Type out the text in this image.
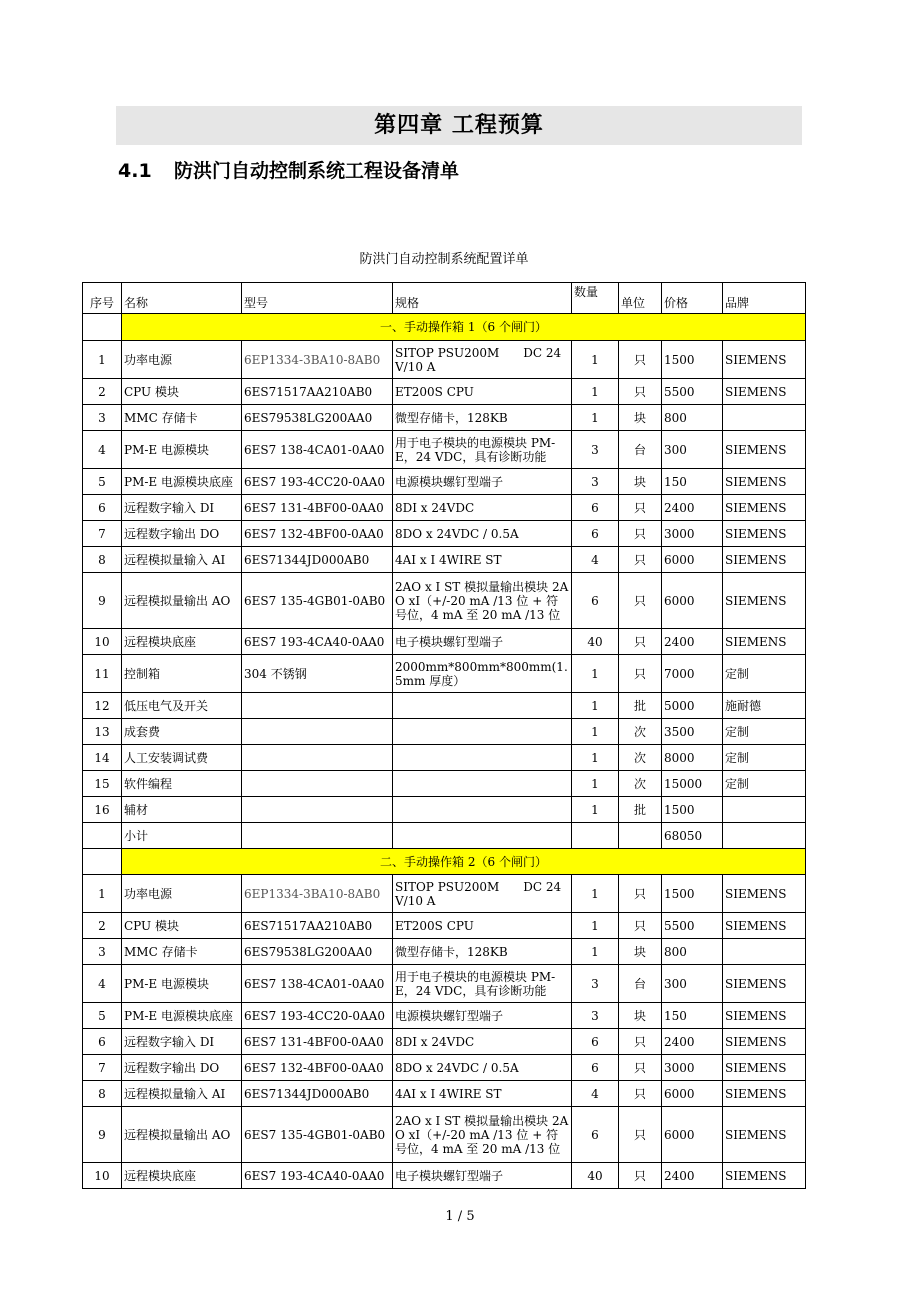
第四章 工程预算
4.1 防洪门自动控制系统工程设备清单
防洪门自动控制系统配置详单
序号	名称	型号	规格	数量	单位	价格	品牌
	一、手动操作箱 1（6 个闸门）						
1	功率电源	6EP1334-3BA10-8AB0	SITOP PSU200M　　DC 24 V/10 A	1	只	1500	SIEMENS
2	CPU 模块	6ES71517AA210AB0	ET200S CPU	1	只	5500	SIEMENS
3	MMC 存储卡	6ES79538LG200AA0	微型存储卡，128KB	1	块	800	
4	PM-E 电源模块	6ES7 138-4CA01-0AA0	用于电子模块的电源模块 PM-E，24 VDC，具有诊断功能	3	台	300	SIEMENS
5	PM-E 电源模块底座	6ES7 193-4CC20-0AA0	电源模块螺钉型端子	3	块	150	SIEMENS
6	远程数字输入 DI	6ES7 131-4BF00-0AA0	8DI x 24VDC	6	只	2400	SIEMENS
7	远程数字输出 DO	6ES7 132-4BF00-0AA0	8DO x 24VDC / 0.5A	6	只	3000	SIEMENS
8	远程模拟量输入 AI	6ES71344JD000AB0	4AI x I 4WIRE ST	4	只	6000	SIEMENS
9	远程模拟量输出 AO	6ES7 135-4GB01-0AB0	2AO x I ST 模拟量输出模块 2AO xI（+/-20 mA /13 位 + 符号位，4 mA 至 20 mA /13 位	6	只	6000	SIEMENS
10	远程模块底座	6ES7 193-4CA40-0AA0	电子模块螺钉型端子	40	只	2400	SIEMENS
11	控制箱	304 不锈钢	2000mm*800mm*800mm(1.5mm 厚度）	1	只	7000	定制
12	低压电气及开关			1	批	5000	施耐德
13	成套费			1	次	3500	定制
14	人工安装调试费			1	次	8000	定制
15	软件编程			1	次	15000	定制
16	辅材			1	批	1500	
	小计					68050	
	二、手动操作箱 2（6 个闸门）						
1	功率电源	6EP1334-3BA10-8AB0	SITOP PSU200M　　DC 24 V/10 A	1	只	1500	SIEMENS
2	CPU 模块	6ES71517AA210AB0	ET200S CPU	1	只	5500	SIEMENS
3	MMC 存储卡	6ES79538LG200AA0	微型存储卡，128KB	1	块	800	
4	PM-E 电源模块	6ES7 138-4CA01-0AA0	用于电子模块的电源模块 PM-E，24 VDC，具有诊断功能	3	台	300	SIEMENS
5	PM-E 电源模块底座	6ES7 193-4CC20-0AA0	电源模块螺钉型端子	3	块	150	SIEMENS
6	远程数字输入 DI	6ES7 131-4BF00-0AA0	8DI x 24VDC	6	只	2400	SIEMENS
7	远程数字输出 DO	6ES7 132-4BF00-0AA0	8DO x 24VDC / 0.5A	6	只	3000	SIEMENS
8	远程模拟量输入 AI	6ES71344JD000AB0	4AI x I 4WIRE ST	4	只	6000	SIEMENS
9	远程模拟量输出 AO	6ES7 135-4GB01-0AB0	2AO x I ST 模拟量输出模块 2AO xI（+/-20 mA /13 位 + 符号位，4 mA 至 20 mA /13 位	6	只	6000	SIEMENS
10	远程模块底座	6ES7 193-4CA40-0AA0	电子模块螺钉型端子	40	只	2400	SIEMENS
1 / 5
